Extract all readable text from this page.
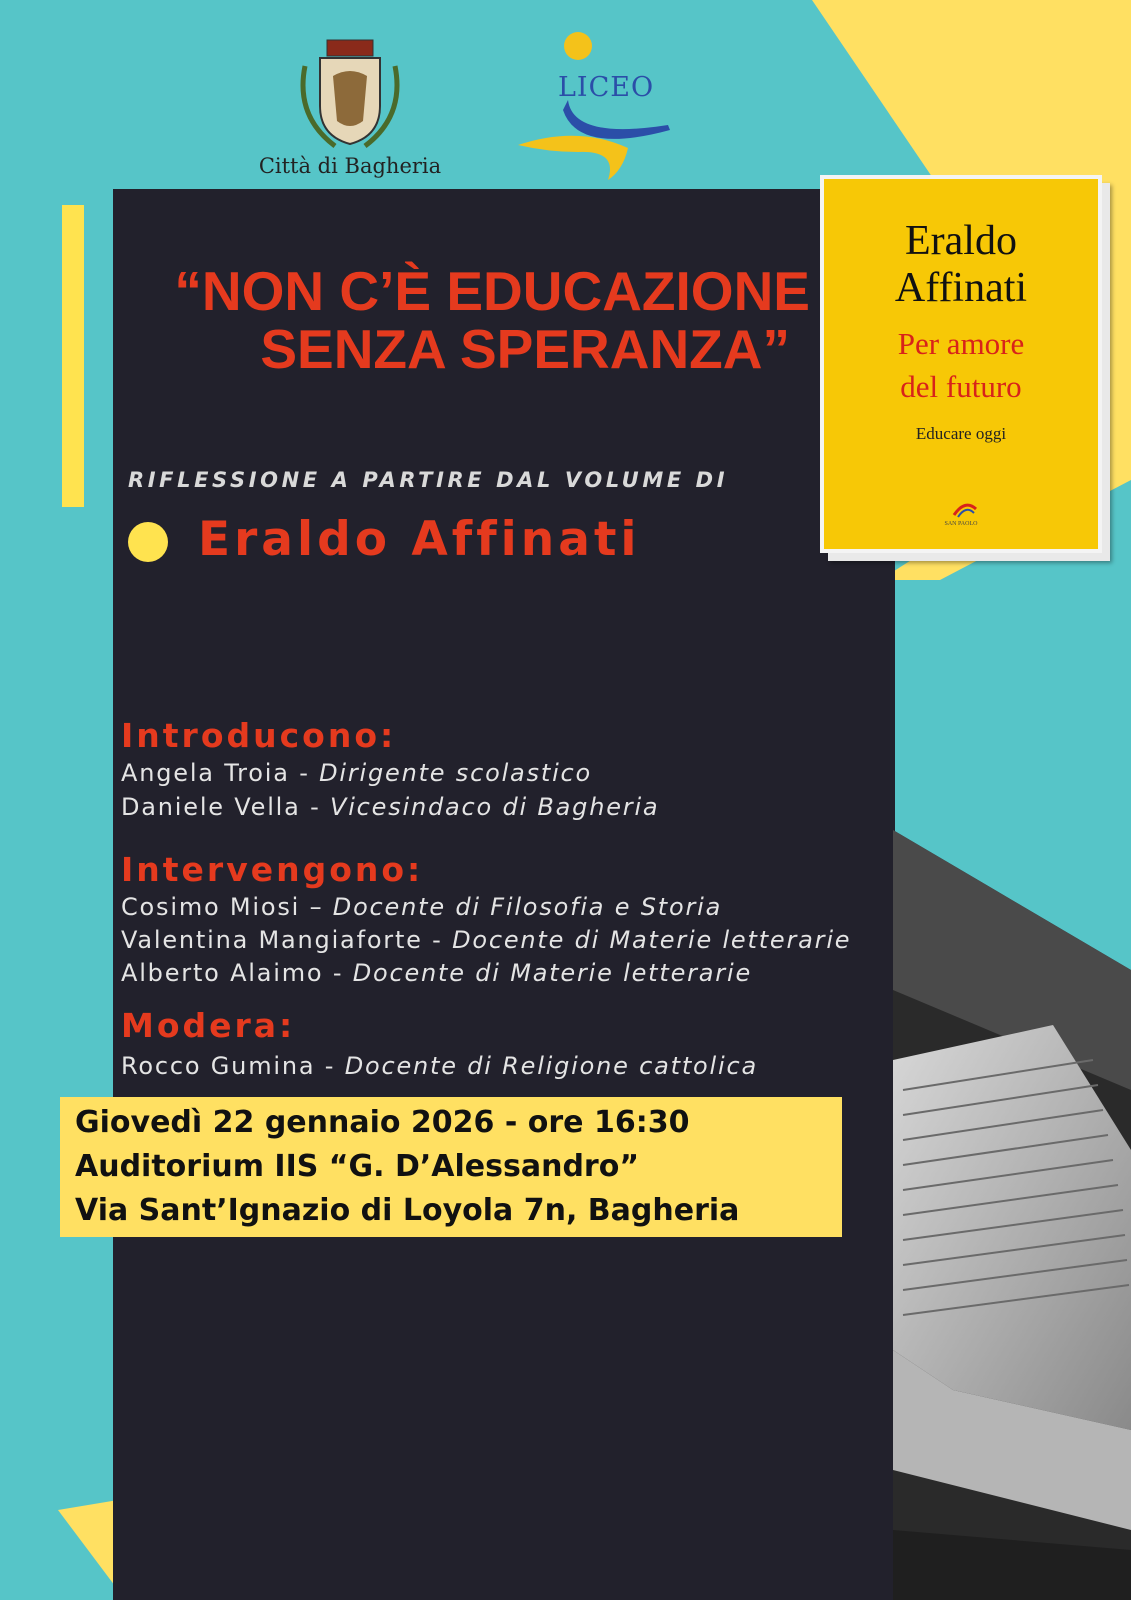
Città di Bagheria
LICEO
Eraldo
Affinati
Per amore
del futuro
Educare oggi
SAN PAOLO
“NON C’È EDUCAZIONE
SENZA SPERANZA”
RIFLESSIONE A PARTIRE DAL VOLUME DI
Eraldo Affinati
Introducono:
Angela Troia - Dirigente scolastico
Daniele Vella - Vicesindaco di Bagheria
Intervengono:
Cosimo Miosi – Docente di Filosofia e Storia
Valentina Mangiaforte - Docente di Materie letterarie
Alberto Alaimo - Docente di Materie letterarie
Modera:
Rocco Gumina - Docente di Religione cattolica
Giovedì 22 gennaio 2026 - ore 16:30
Auditorium IIS “G. D’Alessandro”
Via Sant’Ignazio di Loyola 7n, Bagheria
